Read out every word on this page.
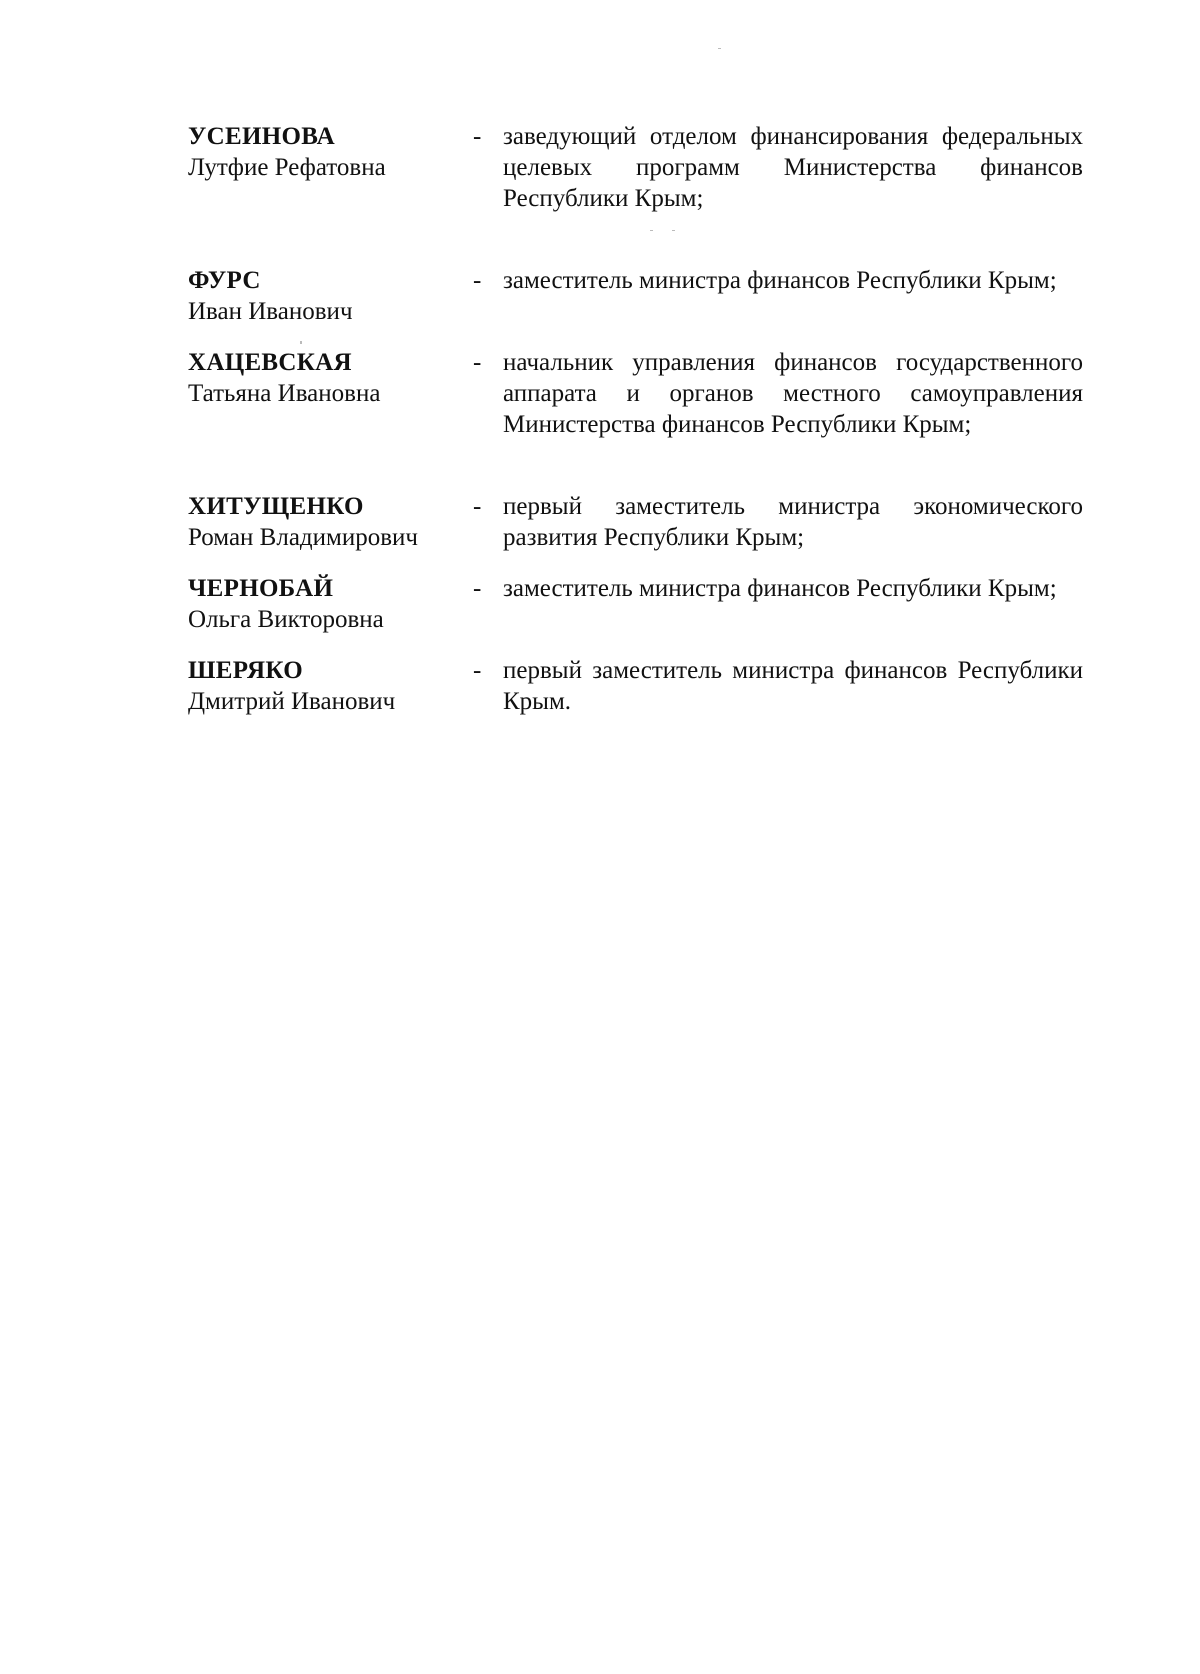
УСЕИНОВА
Лутфие Рефатовна
- заведующий отделом финансирования федеральных целевых программ Министерства финансов Республики Крым;
ФУРС
Иван Иванович
- заместитель министра финансов Республики Крым;
ХАЦЕВСКАЯ
Татьяна Ивановна
- начальник управления финансов государственного аппарата и органов местного самоуправления Министерства финансов Республики Крым;
ХИТУЩЕНКО
Роман Владимирович
- первый заместитель министра экономического развития Республики Крым;
ЧЕРНОБАЙ
Ольга Викторовна
- заместитель министра финансов Республики Крым;
ШЕРЯКО
Дмитрий Иванович
- первый заместитель министра финансов Республики Крым.
